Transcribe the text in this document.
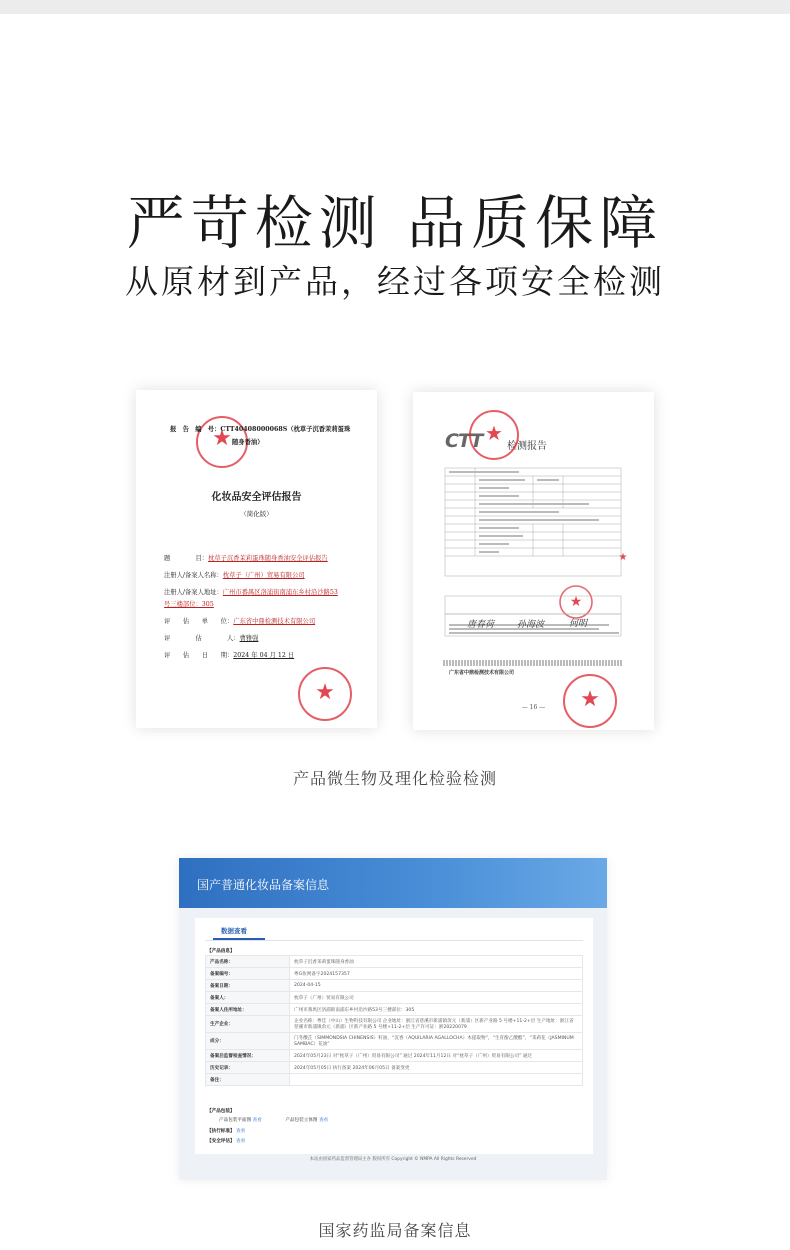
严苛检测 品质保障
从原材到产品，经过各项安全检测
★
报　告　编　号：CTT40408000068S（枕草子沉香茉莉蛋珠
随身香油）
化妆品安全评估报告
（简化版）
题　　　　目：枕草子沉香茉莉蛋珠随身香油安全评估报告
注册人/备案人名称：枕草子（广州）贸易有限公司
注册人/备案人地址：广州市番禺区洛浦街南浦东乡村沿沙路53
号三楼部位：305
评　　估　　单　　位：广东省中鼎检测技术有限公司
评　　　　估　　　　人：曹雅强
评　　估　　日　　期：2024 年 04 月 12 日
★
CTT 检测报告
★
★
★
唐春荷	孙海波	何明
广东省中鼎检测技术有限公司
— 16 —	★
产品微生物及理化检验检测
国产普通化妆品备案信息
数据查看
【产品信息】
产品名称：	枕草子沉香茉莉蛋珠随身香油
备案编号：	粤G妆网备字2024157357
备案日期：	2024-04-15
备案人：	枕草子（广州）贸易有限公司
备案人住所地址：	广州市番禺区洛浦街南浦东乡村沿沙路53号三楼部位：305
生产企业：	企业名称：粤佳（中山）生物科技有限公司 企业地址：浙江省慈溪市新浦镇余元（新浦）区新产业路 5 号楼+11-2+层 生产地址：浙江省慈溪市新浦镇余元（新浦）区新产业路 5 号楼+11-2+层 生产许可证：浙20220079
成分：	门冬酸芷（SIMMONDSIA CHINENSIS）籽油，“沉香（AQUILARIA AGALLOCHA）木提取物”，“生育酚乙酸酯”，“茉莉花（JASMINUM SAMBAC）花油”
备案后监督检查情况：	2024年05月23日 对“枕草子（广州）贸易有限公司” 通过 2024年11月12日 对“枕草子（广州）贸易有限公司” 通过
历史记录：	2024年05月05日 执行备案 2024年06月05日 备案变更
备注：	
【产品包装】
产品包装平面图 查看	产品包装立体图 查看
【执行标准】 查看
【安全评估】 查看
本站由国家药品监督管理局主办 版权所有 Copyright © NMPA All Rights Reserved
国家药监局备案信息
